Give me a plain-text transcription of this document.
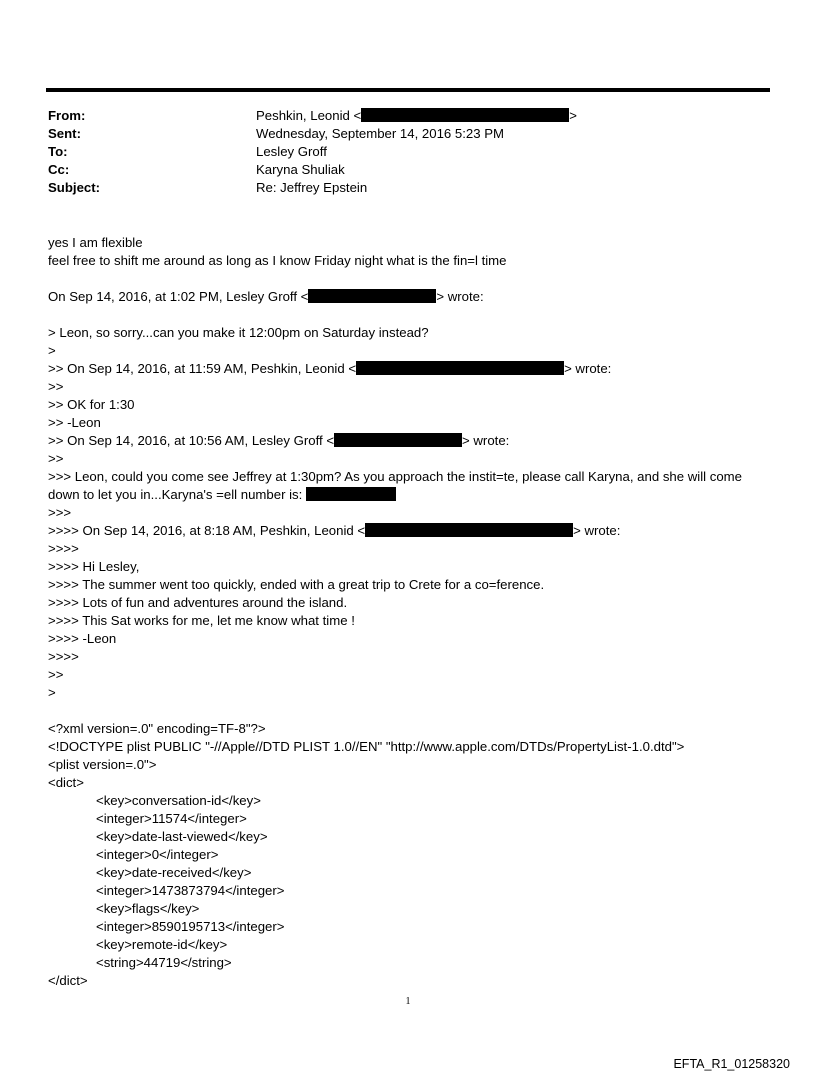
From:	Peshkin, Leonid <	>
Sent:	Wednesday, September 14, 2016 5:23 PM
To:	Lesley Groff
Cc:	Karyna Shuliak
Subject:	Re: Jeffrey Epstein
yes I am flexible
feel free to shift me around as long as I know Friday night what is the fin=l time
On Sep 14, 2016, at 1:02 PM, Lesley Groff <	> wrote:
> Leon, so sorry...can you make it 12:00pm on Saturday instead?
>
>> On Sep 14, 2016, at 11:59 AM, Peshkin, Leonid <	> wrote:
>>
>> OK for 1:30
>> -Leon
>> On Sep 14, 2016, at 10:56 AM, Lesley Groff <	> wrote:
>>
>>> Leon, could you come see Jeffrey at 1:30pm? As you approach the instit=te, please call Karyna, and she will come down to let you in...Karyna's =ell number is:
>>>
>>>> On Sep 14, 2016, at 8:18 AM, Peshkin, Leonid <	> wrote:
>>>>
>>>> Hi Lesley,
>>>> The summer went too quickly, ended with a great trip to Crete for a co=ference.
>>>> Lots of fun and adventures around the island.
>>>> This Sat works for me, let me know what time !
>>>> -Leon
>>>>
>>
>
<?xml version=.0" encoding=TF-8"?>
<!DOCTYPE plist PUBLIC "-//Apple//DTD PLIST 1.0//EN" "http://www.apple.com/DTDs/PropertyList-1.0.dtd">
<plist version=.0">
<dict>
<key>conversation-id</key>
<integer>11574</integer>
<key>date-last-viewed</key>
<integer>0</integer>
<key>date-received</key>
<integer>1473873794</integer>
<key>flags</key>
<integer>8590195713</integer>
<key>remote-id</key>
<string>44719</string>
</dict>
1
EFTA_R1_01258320
